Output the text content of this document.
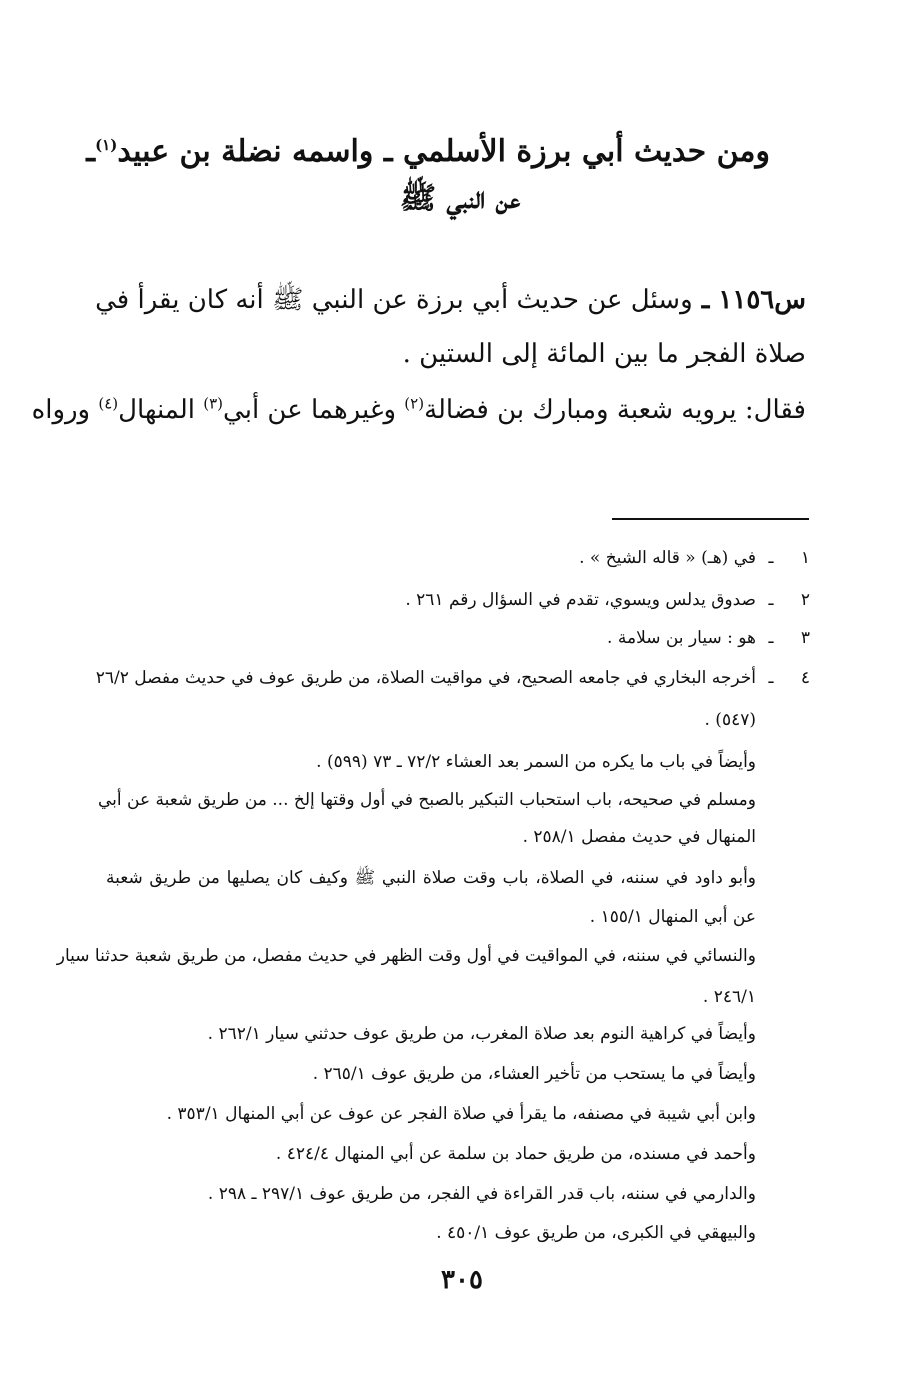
ومن حديث أبي برزة الأسلمي ـ واسمه نضلة بن عبيد$^{(١)}$ـ
عن النبي ﷺ
س١١٥٦ ـ وسئل عن حديث أبي برزة عن النبي ﷺ أنه كان يقرأ في
صلاة الفجر ما بين المائة إلى الستين .
فقال: يرويه شعبة ومبارك بن فضالة$^{(٢)}$ وغيرهما عن أبي$^{(٣)}$ المنهال$^{(٤)}$ ورواه
١ـفي (هـ) « قاله الشيخ » .
٢ـصدوق يدلس ويسوي، تقدم في السؤال رقم ٢٦١ .
٣ـهو : سيار بن سلامة .
٤ـأخرجه البخاري في جامعه الصحيح، في مواقيت الصلاة، من طريق عوف في حديث مفصل ٢٦/٢
(٥٤٧) .
وأيضاً في باب ما يكره من السمر بعد العشاء ٧٢/٢ ـ ٧٣ (٥٩٩) .
ومسلم في صحيحه، باب استحباب التبكير بالصبح في أول وقتها إلخ ... من طريق شعبة عن أبي
المنهال في حديث مفصل ٢٥٨/١ .
وأبو داود في سننه، في الصلاة، باب وقت صلاة النبي ﷺ وكيف كان يصليها من طريق شعبة
عن أبي المنهال ١٥٥/١ .
والنسائي في سننه، في المواقيت في أول وقت الظهر في حديث مفصل، من طريق شعبة حدثنا سيار
٢٤٦/١ .
وأيضاً في كراهية النوم بعد صلاة المغرب، من طريق عوف حدثني سيار ٢٦٢/١ .
وأيضاً في ما يستحب من تأخير العشاء، من طريق عوف ٢٦٥/١ .
وابن أبي شيبة في مصنفه، ما يقرأ في صلاة الفجر عن عوف عن أبي المنهال ٣٥٣/١ .
وأحمد في مسنده، من طريق حماد بن سلمة عن أبي المنهال ٤٢٤/٤ .
والدارمي في سننه، باب قدر القراءة في الفجر، من طريق عوف ٢٩٧/١ ـ ٢٩٨ .
والبيهقي في الكبرى، من طريق عوف ٤٥٠/١ .
٣٠٥
